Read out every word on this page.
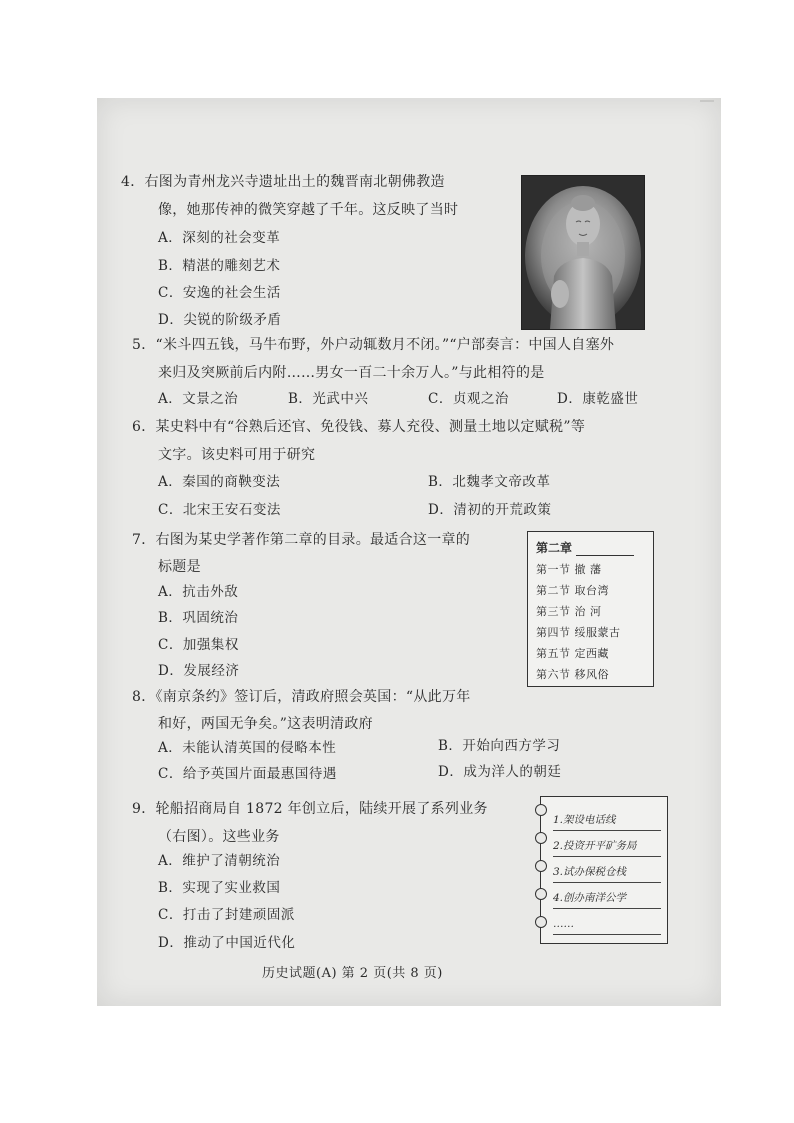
4．右图为青州龙兴寺遗址出土的魏晋南北朝佛教造
像，她那传神的微笑穿越了千年。这反映了当时
A．深刻的社会变革
B．精湛的雕刻艺术
C．安逸的社会生活
D．尖锐的阶级矛盾
5．“米斗四五钱，马牛布野，外户动辄数月不闭。”“户部奏言：中国人自塞外
来归及突厥前后内附……男女一百二十余万人。”与此相符的是
A．文景之治	B．光武中兴	C．贞观之治	D．康乾盛世
6．某史料中有“谷熟后还官、免役钱、募人充役、测量土地以定赋税”等
文字。该史料可用于研究
A．秦国的商鞅变法	B．北魏孝文帝改革
C．北宋王安石变法	D．清初的开荒政策
7．右图为某史学著作第二章的目录。最适合这一章的
标题是
A．抗击外敌
B．巩固统治
C．加强集权
D．发展经济
第二章
第一节 撤 藩
第二节 取台湾
第三节 治 河
第四节 绥服蒙古
第五节 定西藏
第六节 移风俗
8．《南京条约》签订后，清政府照会英国：“从此万年
和好，两国无争矣。”这表明清政府
A．未能认清英国的侵略本性	B．开始向西方学习
C．给予英国片面最惠国待遇	D．成为洋人的朝廷
9．轮船招商局自 1872 年创立后，陆续开展了系列业务
（右图）。这些业务
A．维护了清朝统治
B．实现了实业救国
C．打击了封建顽固派
D．推动了中国近代化
1.架设电话线
2.投资开平矿务局
3.试办保税仓栈
4.创办南洋公学
……
历史试题(A) 第 2 页(共 8 页)
